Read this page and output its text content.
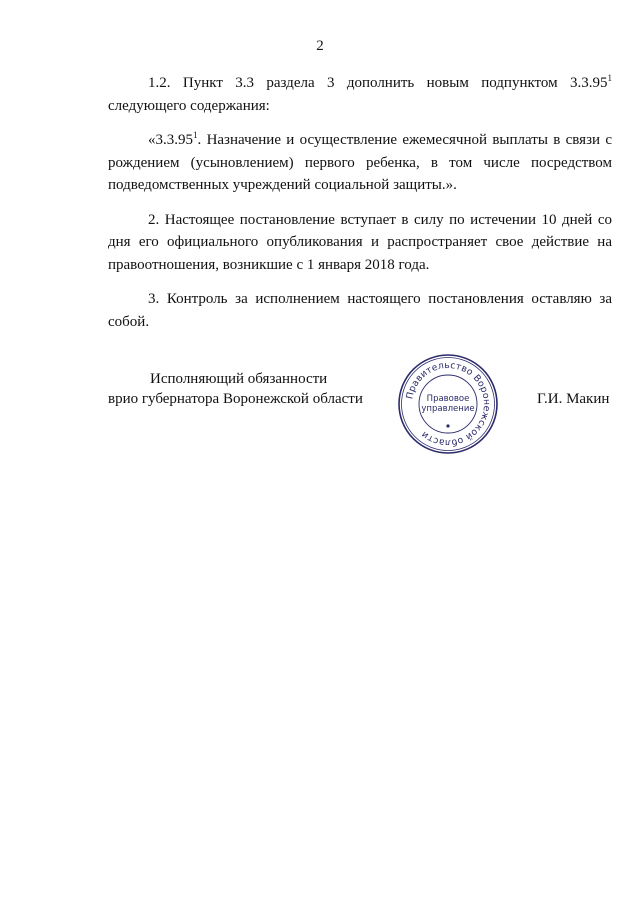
2

1.2. Пункт 3.3 раздела 3 дополнить новым подпунктом 3.3.95$^1$ следующего содержания:

«3.3.95$^1$. Назначение и осуществление ежемесячной выплаты в связи с рождением (усыновлением) первого ребенка, в том числе посредством подведомственных учреждений социальной защиты.».

2. Настоящее постановление вступает в силу по истечении 10 дней со дня его официального опубликования и распространяет свое действие на правоотношения, возникшие с 1 января 2018 года.

3. Контроль за исполнением настоящего постановления оставляю за собой.

Исполняющий обязанности
врио губернатора Воронежской области	Правительство Воронежской области
Правовое
управление
Г.И. Макин
